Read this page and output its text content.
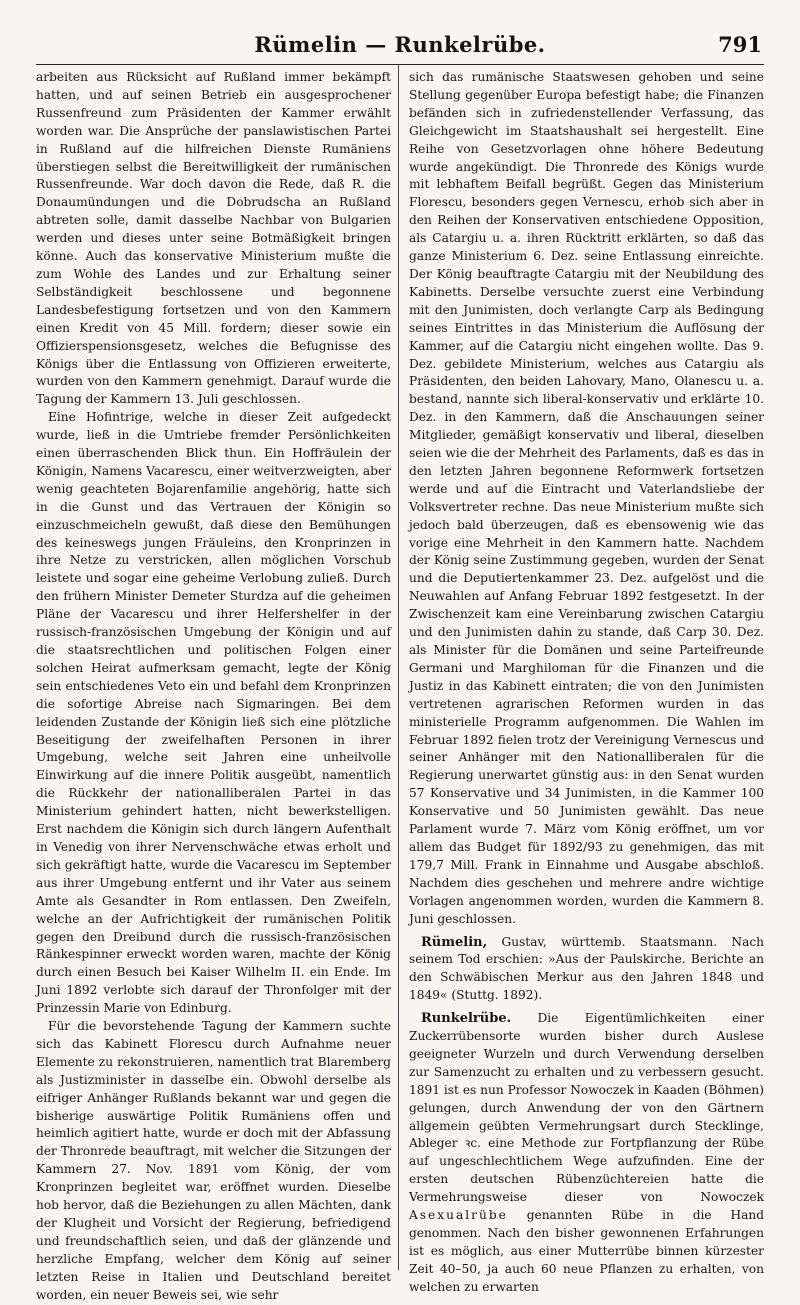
Rümelin — Runkelrübe.	791

arbeiten aus Rücksicht auf Rußland immer bekämpft hatten, und auf seinen Betrieb ein ausgesprochener Russenfreund zum Präsidenten der Kammer erwählt worden war. Die Ansprüche der panslawistischen Partei in Rußland auf die hilfreichen Dienste Rumäniens überstiegen selbst die Bereitwilligkeit der rumänischen Russenfreunde. War doch davon die Rede, daß R. die Donaumündungen und die Dobrudscha an Rußland abtreten solle, damit dasselbe Nachbar von Bulgarien werden und dieses unter seine Botmäßigkeit bringen könne. Auch das konservative Ministerium mußte die zum Wohle des Landes und zur Erhaltung seiner Selbständigkeit beschlossene und begonnene Landesbefestigung fortsetzen und von den Kammern einen Kredit von 45 Mill. fordern; dieser sowie ein Offizierspensionsgesetz, welches die Befugnisse des Königs über die Entlassung von Offizieren erweiterte, wurden von den Kammern genehmigt. Darauf wurde die Tagung der Kammern 13. Juli geschlossen.

Eine Hofintrige, welche in dieser Zeit aufgedeckt wurde, ließ in die Umtriebe fremder Persönlichkeiten einen überraschenden Blick thun. Ein Hoffräulein der Königin, Namens Vacarescu, einer weitverzweigten, aber wenig geachteten Bojarenfamilie angehörig, hatte sich in die Gunst und das Vertrauen der Königin so einzuschmeicheln gewußt, daß diese den Bemühungen des keineswegs jungen Fräuleins, den Kronprinzen in ihre Netze zu verstricken, allen möglichen Vorschub leistete und sogar eine geheime Verlobung zuließ. Durch den frühern Minister Demeter Sturdza auf die geheimen Pläne der Vacarescu und ihrer Helfershelfer in der russisch-französischen Umgebung der Königin und auf die staatsrechtlichen und politischen Folgen einer solchen Heirat aufmerksam gemacht, legte der König sein entschiedenes Veto ein und befahl dem Kronprinzen die sofortige Abreise nach Sigmaringen. Bei dem leidenden Zustande der Königin ließ sich eine plötzliche Beseitigung der zweifelhaften Personen in ihrer Umgebung, welche seit Jahren eine unheilvolle Einwirkung auf die innere Politik ausgeübt, namentlich die Rückkehr der nationalliberalen Partei in das Ministerium gehindert hatten, nicht bewerkstelligen. Erst nachdem die Königin sich durch längern Aufenthalt in Venedig von ihrer Nervenschwäche etwas erholt und sich gekräftigt hatte, wurde die Vacarescu im September aus ihrer Umgebung entfernt und ihr Vater aus seinem Amte als Gesandter in Rom entlassen. Den Zweifeln, welche an der Aufrichtigkeit der rumänischen Politik gegen den Dreibund durch die russisch-französischen Ränkespinner erweckt worden waren, machte der König durch einen Besuch bei Kaiser Wilhelm II. ein Ende. Im Juni 1892 verlobte sich darauf der Thronfolger mit der Prinzessin Marie von Edinburg.

Für die bevorstehende Tagung der Kammern suchte sich das Kabinett Florescu durch Aufnahme neuer Elemente zu rekonstruieren, namentlich trat Blaremberg als Justizminister in dasselbe ein. Obwohl derselbe als eifriger Anhänger Rußlands bekannt war und gegen die bisherige auswärtige Politik Rumäniens offen und heimlich agitiert hatte, wurde er doch mit der Abfassung der Thronrede beauftragt, mit welcher die Sitzungen der Kammern 27. Nov. 1891 vom König, der vom Kronprinzen begleitet war, eröffnet wurden. Dieselbe hob hervor, daß die Beziehungen zu allen Mächten, dank der Klugheit und Vorsicht der Regierung, befriedigend und freundschaftlich seien, und daß der glänzende und herzliche Empfang, welcher dem König auf seiner letzten Reise in Italien und Deutschland bereitet worden, ein neuer Beweis sei, wie sehr

sich das rumänische Staatswesen gehoben und seine Stellung gegenüber Europa befestigt habe; die Finanzen befänden sich in zufriedenstellender Verfassung, das Gleichgewicht im Staatshaushalt sei hergestellt. Eine Reihe von Gesetzvorlagen ohne höhere Bedeutung wurde angekündigt. Die Thronrede des Königs wurde mit lebhaftem Beifall begrüßt. Gegen das Ministerium Florescu, besonders gegen Vernescu, erhob sich aber in den Reihen der Konservativen entschiedene Opposition, als Catargiu u. a. ihren Rücktritt erklärten, so daß das ganze Ministerium 6. Dez. seine Entlassung einreichte. Der König beauftragte Catargiu mit der Neubildung des Kabinetts. Derselbe versuchte zuerst eine Verbindung mit den Junimisten, doch verlangte Carp als Bedingung seines Eintrittes in das Ministerium die Auflösung der Kammer, auf die Catargiu nicht eingehen wollte. Das 9. Dez. gebildete Ministerium, welches aus Catargiu als Präsidenten, den beiden Lahovary, Mano, Olanescu u. a. bestand, nannte sich liberal-konservativ und erklärte 10. Dez. in den Kammern, daß die Anschauungen seiner Mitglieder, gemäßigt konservativ und liberal, dieselben seien wie die der Mehrheit des Parlaments, daß es das in den letzten Jahren begonnene Reformwerk fortsetzen werde und auf die Eintracht und Vaterlandsliebe der Volksvertreter rechne. Das neue Ministerium mußte sich jedoch bald überzeugen, daß es ebensowenig wie das vorige eine Mehrheit in den Kammern hatte. Nachdem der König seine Zustimmung gegeben, wurden der Senat und die Deputiertenkammer 23. Dez. aufgelöst und die Neuwahlen auf Anfang Februar 1892 festgesetzt. In der Zwischenzeit kam eine Vereinbarung zwischen Catargiu und den Junimisten dahin zu stande, daß Carp 30. Dez. als Minister für die Domänen und seine Parteifreunde Germani und Marghiloman für die Finanzen und die Justiz in das Kabinett eintraten; die von den Junimisten vertretenen agrarischen Reformen wurden in das ministerielle Programm aufgenommen. Die Wahlen im Februar 1892 fielen trotz der Vereinigung Vernescus und seiner Anhänger mit den Nationalliberalen für die Regierung unerwartet günstig aus: in den Senat wurden 57 Konservative und 34 Junimisten, in die Kammer 100 Konservative und 50 Junimisten gewählt. Das neue Parlament wurde 7. März vom König eröffnet, um vor allem das Budget für 1892/93 zu genehmigen, das mit 179,7 Mill. Frank in Einnahme und Ausgabe abschloß. Nachdem dies geschehen und mehrere andre wichtige Vorlagen angenommen worden, wurden die Kammern 8. Juni geschlossen.

Rümelin, Gustav, württemb. Staatsmann. Nach seinem Tod erschien: »Aus der Paulskirche. Berichte an den Schwäbischen Merkur aus den Jahren 1848 und 1849« (Stuttg. 1892).

Runkelrübe. Die Eigentümlichkeiten einer Zuckerrübensorte wurden bisher durch Auslese geeigneter Wurzeln und durch Verwendung derselben zur Samenzucht zu erhalten und zu verbessern gesucht. 1891 ist es nun Professor Nowoczek in Kaaden (Böhmen) gelungen, durch Anwendung der von den Gärtnern allgemein geübten Vermehrungsart durch Stecklinge, Ableger ꝛc. eine Methode zur Fortpflanzung der Rübe auf ungeschlechtlichem Wege aufzufinden. Eine der ersten deutschen Rübenzüchtereien hatte die Vermehrungsweise dieser von Nowoczek Asexualrübe genannten Rübe in die Hand genommen. Nach den bisher gewonnenen Erfahrungen ist es möglich, aus einer Mutterrübe binnen kürzester Zeit 40–50, ja auch 60 neue Pflanzen zu erhalten, von welchen zu erwarten
